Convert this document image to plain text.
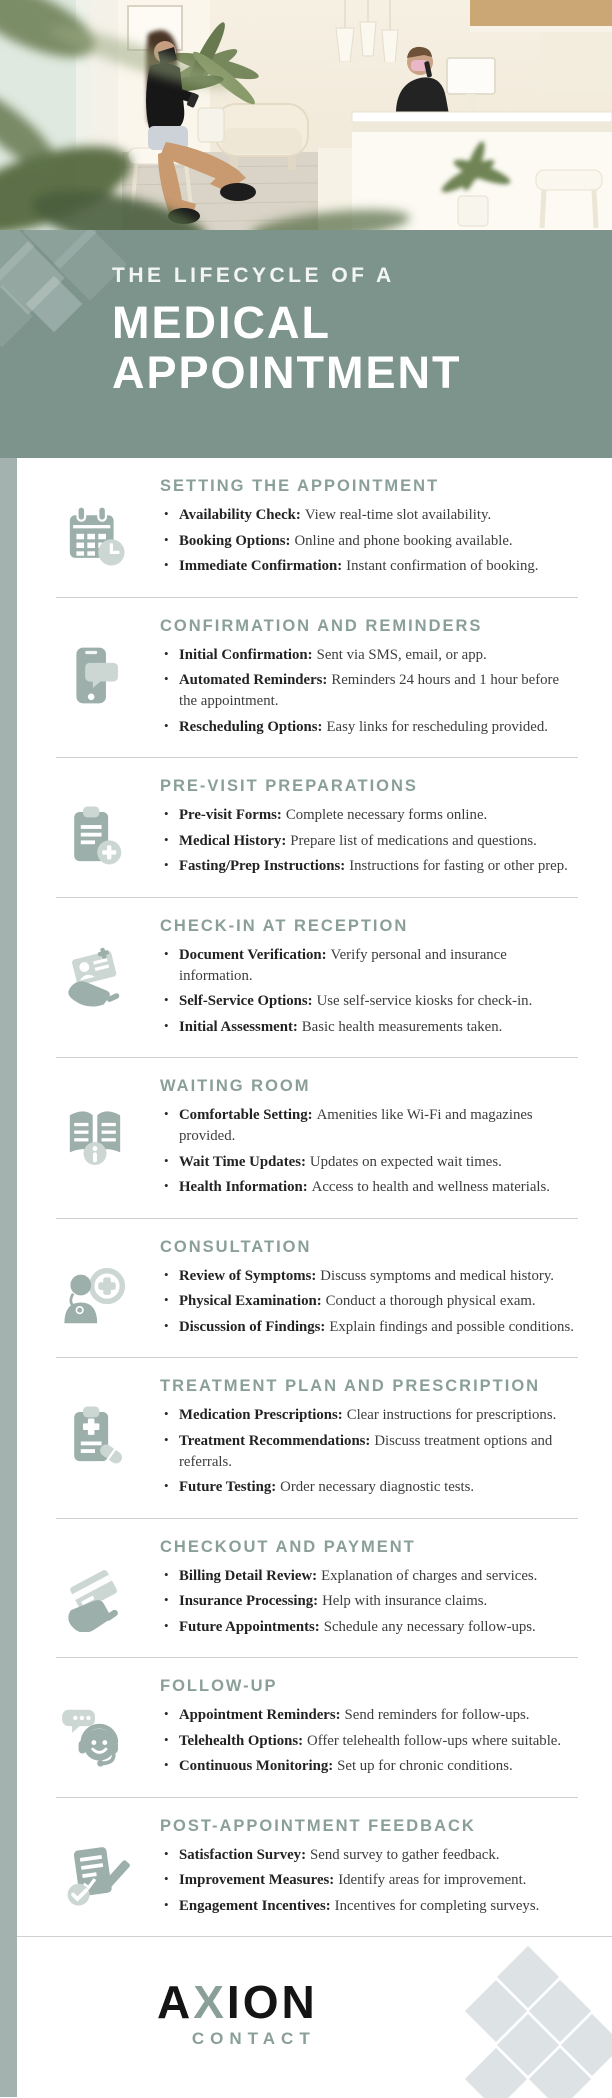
THE LIFECYCLE OF A
MEDICAL
APPOINTMENT
SETTING THE APPOINTMENT
• Availability Check: View real-time slot availability.
• Booking Options: Online and phone booking available.
• Immediate Confirmation: Instant confirmation of booking.
CONFIRMATION AND REMINDERS
• Initial Confirmation: Sent via SMS, email, or app.
• Automated Reminders: Reminders 24 hours and 1 hour before the appointment.
• Rescheduling Options: Easy links for rescheduling provided.
PRE-VISIT PREPARATIONS
• Pre-visit Forms: Complete necessary forms online.
• Medical History: Prepare list of medications and questions.
• Fasting/Prep Instructions: Instructions for fasting or other prep.
CHECK-IN AT RECEPTION
• Document Verification: Verify personal and insurance information.
• Self-Service Options: Use self-service kiosks for check-in.
• Initial Assessment: Basic health measurements taken.
WAITING ROOM
• Comfortable Setting: Amenities like Wi-Fi and magazines provided.
• Wait Time Updates: Updates on expected wait times.
• Health Information: Access to health and wellness materials.
CONSULTATION
• Review of Symptoms: Discuss symptoms and medical history.
• Physical Examination: Conduct a thorough physical exam.
• Discussion of Findings: Explain findings and possible conditions.
TREATMENT PLAN AND PRESCRIPTION
• Medication Prescriptions: Clear instructions for prescriptions.
• Treatment Recommendations: Discuss treatment options and referrals.
• Future Testing: Order necessary diagnostic tests.
CHECKOUT AND PAYMENT
• Billing Detail Review: Explanation of charges and services.
• Insurance Processing: Help with insurance claims.
• Future Appointments: Schedule any necessary follow-ups.
FOLLOW-UP
• Appointment Reminders: Send reminders for follow-ups.
• Telehealth Options: Offer telehealth follow-ups where suitable.
• Continuous Monitoring: Set up for chronic conditions.
POST-APPOINTMENT FEEDBACK
• Satisfaction Survey: Send survey to gather feedback.
• Improvement Measures: Identify areas for improvement.
• Engagement Incentives: Incentives for completing surveys.
AXION
CONTACT
